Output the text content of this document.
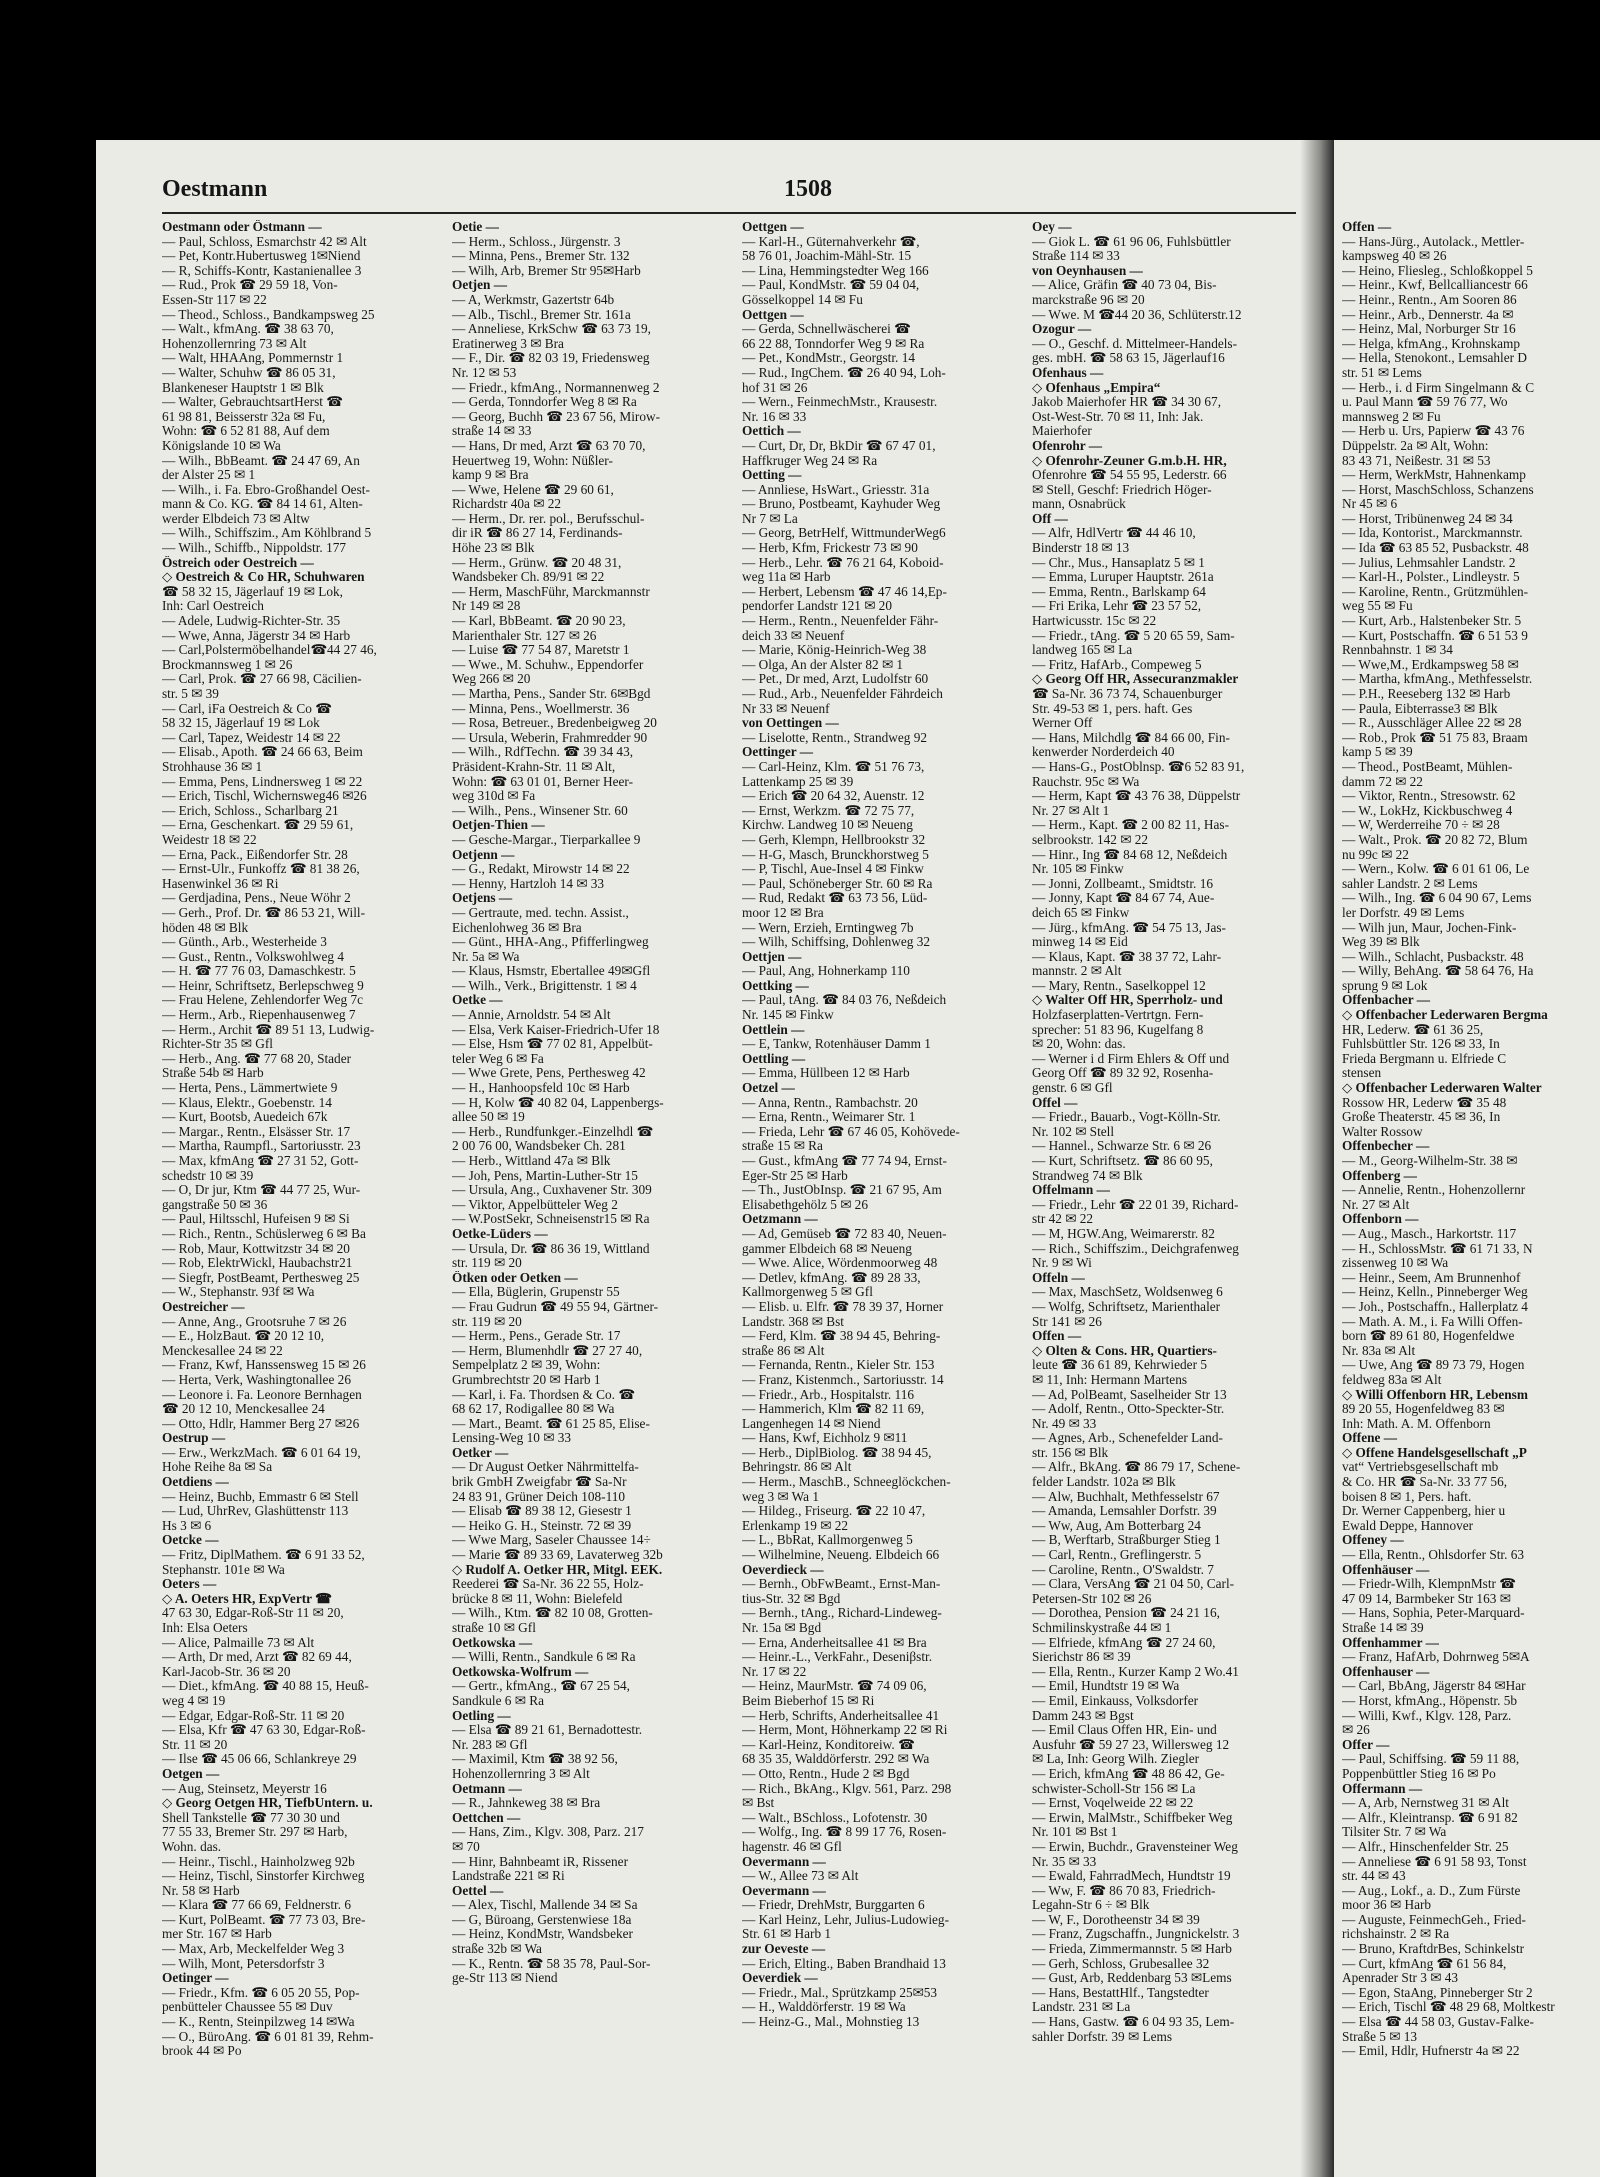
Oestmann	1508
Oestmann oder Östmann —
— Paul, Schloss, Esmarchstr 42 ✉ Alt
— Pet, Kontr.Hubertusweg 1✉Niend
— R, Schiffs-Kontr, Kastanienallee 3
— Rud., Prok ☎ 29 59 18, Von-
Essen-Str 117 ✉ 22
— Theod., Schloss., Bandkampsweg 25
— Walt., kfmAng. ☎ 38 63 70,
Hohenzollernring 73 ✉ Alt
— Walt, HHAAng, Pommernstr 1
— Walter, Schuhw ☎ 86 05 31,
Blankeneser Hauptstr 1 ✉ Blk
— Walter, GebrauchtsartHerst ☎
61 98 81, Beisserstr 32a ✉ Fu,
Wohn: ☎ 6 52 81 88, Auf dem
Königslande 10 ✉ Wa
— Wilh., BbBeamt. ☎ 24 47 69, An
der Alster 25 ✉ 1
— Wilh., i. Fa. Ebro-Großhandel Oest-
mann & Co. KG. ☎ 84 14 61, Alten-
werder Elbdeich 73 ✉ Altw
— Wilh., Schiffszim., Am Köhlbrand 5
— Wilh., Schiffb., Nippoldstr. 177
Östreich oder Oestreich —
◇ Oestreich & Co HR, Schuhwaren
☎ 58 32 15, Jägerlauf 19 ✉ Lok,
Inh: Carl Oestreich
— Adele, Ludwig-Richter-Str. 35
— Wwe, Anna, Jägerstr 34 ✉ Harb
— Carl,Polstermöbelhandel☎44 27 46,
Brockmannsweg 1 ✉ 26
— Carl, Prok. ☎ 27 66 98, Cäcilien-
str. 5 ✉ 39
— Carl, iFa Oestreich & Co ☎
58 32 15, Jägerlauf 19 ✉ Lok
— Carl, Tapez, Weidestr 14 ✉ 22
— Elisab., Apoth. ☎ 24 66 63, Beim
Strohhause 36 ✉ 1
— Emma, Pens, Lindnersweg 1 ✉ 22
— Erich, Tischl, Wichernsweg46 ✉26
— Erich, Schloss., Scharlbarg 21
— Erna, Geschenkart. ☎ 29 59 61,
Weidestr 18 ✉ 22
— Erna, Pack., Eißendorfer Str. 28
— Ernst-Ulr., Funkoffz ☎ 81 38 26,
Hasenwinkel 36 ✉ Ri
— Gerdjadina, Pens., Neue Wöhr 2
— Gerh., Prof. Dr. ☎ 86 53 21, Will-
höden 48 ✉ Blk
— Günth., Arb., Westerheide 3
— Gust., Rentn., Volkswohlweg 4
— H. ☎ 77 76 03, Damaschkestr. 5
— Heinr, Schriftsetz, Berlepschweg 9
— Frau Helene, Zehlendorfer Weg 7c
— Herm., Arb., Riepenhausenweg 7
— Herm., Archit ☎ 89 51 13, Ludwig-
Richter-Str 35 ✉ Gfl
— Herb., Ang. ☎ 77 68 20, Stader
Straße 54b ✉ Harb
— Herta, Pens., Lämmertwiete 9
— Klaus, Elektr., Goebenstr. 14
— Kurt, Bootsb, Auedeich 67k
— Margar., Rentn., Elsässer Str. 17
— Martha, Raumpfl., Sartoriusstr. 23
— Max, kfmAng ☎ 27 31 52, Gott-
schedstr 10 ✉ 39
— O, Dr jur, Ktm ☎ 44 77 25, Wur-
gangstraße 50 ✉ 36
— Paul, Hiltsschl, Hufeisen 9 ✉ Si
— Rich., Rentn., Schüslerweg 6 ✉ Ba
— Rob, Maur, Kottwitzstr 34 ✉ 20
— Rob, ElektrWickl, Haubachstr21
— Siegfr, PostBeamt, Perthesweg 25
— W., Stephanstr. 93f ✉ Wa
Oestreicher —
— Anne, Ang., Grootsruhe 7 ✉ 26
— E., HolzBaut. ☎ 20 12 10,
Menckesallee 24 ✉ 22
— Franz, Kwf, Hanssensweg 15 ✉ 26
— Herta, Verk, Washingtonallee 26
— Leonore i. Fa. Leonore Bernhagen
☎ 20 12 10, Menckesallee 24
— Otto, Hdlr, Hammer Berg 27 ✉26
Oestrup —
— Erw., WerkzMach. ☎ 6 01 64 19,
Hohe Reihe 8a ✉ Sa
Oetdiens —
— Heinz, Buchb, Emmastr 6 ✉ Stell
— Lud, UhrRev, Glashüttenstr 113
Hs 3 ✉ 6
Oetcke —
— Fritz, DiplMathem. ☎ 6 91 33 52,
Stephanstr. 101e ✉ Wa
Oeters —
◇ A. Oeters HR, ExpVertr ☎
47 63 30, Edgar-Roß-Str 11 ✉ 20,
Inh: Elsa Oeters
— Alice, Palmaille 73 ✉ Alt
— Arth, Dr med, Arzt ☎ 82 69 44,
Karl-Jacob-Str. 36 ✉ 20
— Diet., kfmAng. ☎ 40 88 15, Heuß-
weg 4 ✉ 19
— Edgar, Edgar-Roß-Str. 11 ✉ 20
— Elsa, Kfr ☎ 47 63 30, Edgar-Roß-
Str. 11 ✉ 20
— Ilse ☎ 45 06 66, Schlankreye 29
Oetgen —
— Aug, Steinsetz, Meyerstr 16
◇ Georg Oetgen HR, TiefbUntern. u.
Shell Tankstelle ☎ 77 30 30 und
77 55 33, Bremer Str. 297 ✉ Harb,
Wohn. das.
— Heinr., Tischl., Hainholzweg 92b
— Heinz, Tischl, Sinstorfer Kirchweg
Nr. 58 ✉ Harb
— Klara ☎ 77 66 69, Feldnerstr. 6
— Kurt, PolBeamt. ☎ 77 73 03, Bre-
mer Str. 167 ✉ Harb
— Max, Arb, Meckelfelder Weg 3
— Wilh, Mont, Petersdorfstr 3
Oetinger —
— Friedr., Kfm. ☎ 6 05 20 55, Pop-
penbütteler Chaussee 55 ✉ Duv
— K., Rentn, Steinpilzweg 14 ✉Wa
— O., BüroAng. ☎ 6 01 81 39, Rehm-
brook 44 ✉ Po
Oetie —
— Herm., Schloss., Jürgenstr. 3
— Minna, Pens., Bremer Str. 132
— Wilh, Arb, Bremer Str 95✉Harb
Oetjen —
— A, Werkmstr, Gazertstr 64b
— Alb., Tischl., Bremer Str. 161a
— Anneliese, KrkSchw ☎ 63 73 19,
Eratinerweg 3 ✉ Bra
— F., Dir. ☎ 82 03 19, Friedensweg
Nr. 12 ✉ 53
— Friedr., kfmAng., Normannenweg 2
— Gerda, Tonndorfer Weg 8 ✉ Ra
— Georg, Buchh ☎ 23 67 56, Mirow-
straße 14 ✉ 33
— Hans, Dr med, Arzt ☎ 63 70 70,
Heuertweg 19, Wohn: Nüßler-
kamp 9 ✉ Bra
— Wwe, Helene ☎ 29 60 61,
Richardstr 40a ✉ 22
— Herm., Dr. rer. pol., Berufsschul-
dir iR ☎ 86 27 14, Ferdinands-
Höhe 23 ✉ Blk
— Herm., Grünw. ☎ 20 48 31,
Wandsbeker Ch. 89/91 ✉ 22
— Herm, MaschFühr, Marckmannstr
Nr 149 ✉ 28
— Karl, BbBeamt. ☎ 20 90 23,
Marienthaler Str. 127 ✉ 26
— Luise ☎ 77 54 87, Maretstr 1
— Wwe., M. Schuhw., Eppendorfer
Weg 266 ✉ 20
— Martha, Pens., Sander Str. 6✉Bgd
— Minna, Pens., Woellmerstr. 36
— Rosa, Betreuer., Bredenbeigweg 20
— Ursula, Weberin, Frahmredder 90
— Wilh., RdfTechn. ☎ 39 34 43,
Präsident-Krahn-Str. 11 ✉ Alt,
Wohn: ☎ 63 01 01, Berner Heer-
weg 310d ✉ Fa
— Wilh., Pens., Winsener Str. 60
Oetjen-Thien —
— Gesche-Margar., Tierparkallee 9
Oetjenn —
— G., Redakt, Mirowstr 14 ✉ 22
— Henny, Hartzloh 14 ✉ 33
Oetjens —
— Gertraute, med. techn. Assist.,
Eichenlohweg 36 ✉ Bra
— Günt., HHA-Ang., Pfifferlingweg
Nr. 5a ✉ Wa
— Klaus, Hsmstr, Ebertallee 49✉Gfl
— Wilh., Verk., Brigittenstr. 1 ✉ 4
Oetke —
— Annie, Arnoldstr. 54 ✉ Alt
— Elsa, Verk Kaiser-Friedrich-Ufer 18
— Else, Hsm ☎ 77 02 81, Appelbüt-
teler Weg 6 ✉ Fa
— Wwe Grete, Pens, Perthesweg 42
— H., Hanhoopsfeld 10c ✉ Harb
— H, Kolw ☎ 40 82 04, Lappenbergs-
allee 50 ✉ 19
— Herb., Rundfunkger.-Einzelhdl ☎
2 00 76 00, Wandsbeker Ch. 281
— Herb., Wittland 47a ✉ Blk
— Joh, Pens, Martin-Luther-Str 15
— Ursula, Ang., Cuxhavener Str. 309
— Viktor, Appelbütteler Weg 2
— W.PostSekr, Schneisenstr15 ✉ Ra
Oetke-Lüders —
— Ursula, Dr. ☎ 86 36 19, Wittland
str. 119 ✉ 20
Ötken oder Oetken —
— Ella, Büglerin, Grupenstr 55
— Frau Gudrun ☎ 49 55 94, Gärtner-
str. 119 ✉ 20
— Herm., Pens., Gerade Str. 17
— Herm, Blumenhdlr ☎ 27 27 40,
Sempelplatz 2 ✉ 39, Wohn:
Grumbrechtstr 20 ✉ Harb 1
— Karl, i. Fa. Thordsen & Co. ☎
68 62 17, Rodigallee 80 ✉ Wa
— Mart., Beamt. ☎ 61 25 85, Elise-
Lensing-Weg 10 ✉ 33
Oetker —
— Dr August Oetker Nährmittelfa-
brik GmbH Zweigfabr ☎ Sa-Nr
24 83 91, Grüner Deich 108-110
— Elisab ☎ 89 38 12, Giesestr 1
— Heiko G. H., Steinstr. 72 ✉ 39
— Wwe Marg, Saseler Chaussee 14÷
— Marie ☎ 89 33 69, Lavaterweg 32b
◇ Rudolf A. Oetker HR, Mitgl. EEK.
Reederei ☎ Sa-Nr. 36 22 55, Holz-
brücke 8 ✉ 11, Wohn: Bielefeld
— Wilh., Ktm. ☎ 82 10 08, Grotten-
straße 10 ✉ Gfl
Oetkowska —
— Willi, Rentn., Sandkule 6 ✉ Ra
Oetkowska-Wolfrum —
— Gertr., kfmAng., ☎ 67 25 54,
Sandkule 6 ✉ Ra
Oetling —
— Elsa ☎ 89 21 61, Bernadottestr.
Nr. 283 ✉ Gfl
— Maximil, Ktm ☎ 38 92 56,
Hohenzollernring 3 ✉ Alt
Oetmann —
— R., Jahnkeweg 38 ✉ Bra
Oettchen —
— Hans, Zim., Klgv. 308, Parz. 217
✉ 70
— Hinr, Bahnbeamt iR, Rissener
Landstraße 221 ✉ Ri
Oettel —
— Alex, Tischl, Mallende 34 ✉ Sa
— G, Büroang, Gerstenwiese 18a
— Heinz, KondMstr, Wandsbeker
straße 32b ✉ Wa
— K., Rentn. ☎ 58 35 78, Paul-Sor-
ge-Str 113 ✉ Niend
Oettgen —
— Karl-H., Güternahverkehr ☎,
58 76 01, Joachim-Mähl-Str. 15
— Lina, Hemmingstedter Weg 166
— Paul, KondMstr. ☎ 59 04 04,
Gösselkoppel 14 ✉ Fu
Oettgen —
— Gerda, Schnellwäscherei ☎
66 22 88, Tonndorfer Weg 9 ✉ Ra
— Pet., KondMstr., Georgstr. 14
— Rud., IngChem. ☎ 26 40 94, Loh-
hof 31 ✉ 26
— Wern., FeinmechMstr., Krausestr.
Nr. 16 ✉ 33
Oettich —
— Curt, Dr, Dr, BkDir ☎ 67 47 01,
Haffkruger Weg 24 ✉ Ra
Oetting —
— Annliese, HsWart., Griesstr. 31a
— Bruno, Postbeamt, Kayhuder Weg
Nr 7 ✉ La
— Georg, BetrHelf, WittmunderWeg6
— Herb, Kfm, Frickestr 73 ✉ 90
— Herb., Lehr. ☎ 76 21 64, Koboid-
weg 11a ✉ Harb
— Herbert, Lebensm ☎ 47 46 14,Ep-
pendorfer Landstr 121 ✉ 20
— Herm., Rentn., Neuenfelder Fähr-
deich 33 ✉ Neuenf
— Marie, König-Heinrich-Weg 38
— Olga, An der Alster 82 ✉ 1
— Pet., Dr med, Arzt, Ludolfstr 60
— Rud., Arb., Neuenfelder Fährdeich
Nr 33 ✉ Neuenf
von Oettingen —
— Liselotte, Rentn., Strandweg 92
Oettinger —
— Carl-Heinz, Klm. ☎ 51 76 73,
Lattenkamp 25 ✉ 39
— Erich ☎ 20 64 32, Auenstr. 12
— Ernst, Werkzm. ☎ 72 75 77,
Kirchw. Landweg 10 ✉ Neueng
— Gerh, Klempn, Hellbrookstr 32
— H-G, Masch, Brunckhorstweg 5
— P, Tischl, Aue-Insel 4 ✉ Finkw
— Paul, Schöneberger Str. 60 ✉ Ra
— Rud, Redakt ☎ 63 73 56, Lüd-
moor 12 ✉ Bra
— Wern, Erzieh, Erntingweg 7b
— Wilh, Schiffsing, Dohlenweg 32
Oettjen —
— Paul, Ang, Hohnerkamp 110
Oettking —
— Paul, tAng. ☎ 84 03 76, Neßdeich
Nr. 145 ✉ Finkw
Oettlein —
— E, Tankw, Rotenhäuser Damm 1
Oettling —
— Emma, Hüllbeen 12 ✉ Harb
Oetzel —
— Anna, Rentn., Rambachstr. 20
— Erna, Rentn., Weimarer Str. 1
— Frieda, Lehr ☎ 67 46 05, Kohövede-
straße 15 ✉ Ra
— Gust., kfmAng ☎ 77 74 94, Ernst-
Eger-Str 25 ✉ Harb
— Th., JustObInsp. ☎ 21 67 95, Am
Elisabethgehölz 5 ✉ 26
Oetzmann —
— Ad, Gemüseb ☎ 72 83 40, Neuen-
gammer Elbdeich 68 ✉ Neueng
— Wwe. Alice, Wördenmoorweg 48
— Detlev, kfmAng. ☎ 89 28 33,
Kallmorgenweg 5 ✉ Gfl
— Elisb. u. Elfr. ☎ 78 39 37, Horner
Landstr. 368 ✉ Bst
— Ferd, Klm. ☎ 38 94 45, Behring-
straße 86 ✉ Alt
— Fernanda, Rentn., Kieler Str. 153
— Franz, Kistenmch., Sartoriusstr. 14
— Friedr., Arb., Hospitalstr. 116
— Hammerich, Klm ☎ 82 11 69,
Langenhegen 14 ✉ Niend
— Hans, Kwf, Eichholz 9 ✉11
— Herb., DiplBiolog. ☎ 38 94 45,
Behringstr. 86 ✉ Alt
— Herm., MaschB., Schneeglöckchen-
weg 3 ✉ Wa 1
— Hildeg., Friseurg. ☎ 22 10 47,
Erlenkamp 19 ✉ 22
— L., BbRat, Kallmorgenweg 5
— Wilhelmine, Neueng. Elbdeich 66
Oeverdieck —
— Bernh., ObFwBeamt., Ernst-Man-
tius-Str. 32 ✉ Bgd
— Bernh., tAng., Richard-Lindeweg-
Nr. 15a ✉ Bgd
— Erna, Anderheitsallee 41 ✉ Bra
— Heinr.-L., VerkFahr., Deseniβstr.
Nr. 17 ✉ 22
— Heinz, MaurMstr. ☎ 74 09 06,
Beim Bieberhof 15 ✉ Ri
— Herb, Schrifts, Anderheitsallee 41
— Herm, Mont, Höhnerkamp 22 ✉ Ri
— Karl-Heinz, Konditoreiw. ☎
68 35 35, Walddörferstr. 292 ✉ Wa
— Otto, Rentn., Hude 2 ✉ Bgd
— Rich., BkAng., Klgv. 561, Parz. 298
✉ Bst
— Walt., BSchloss., Lofotenstr. 30
— Wolfg., Ing. ☎ 8 99 17 76, Rosen-
hagenstr. 46 ✉ Gfl
Oevermann —
— W., Allee 73 ✉ Alt
Oevermann —
— Friedr, DrehMstr, Burggarten 6
— Karl Heinz, Lehr, Julius-Ludowieg-
Str. 61 ✉ Harb 1
zur Oeveste —
— Erich, Elting., Baben Brandhaid 13
Oeverdiek —
— Friedr., Mal., Sprützkamp 25✉53
— H., Walddörferstr. 19 ✉ Wa
— Heinz-G., Mal., Mohnstieg 13
Oey —
— Giok L. ☎ 61 96 06, Fuhlsbüttler
Straße 114 ✉ 33
von Oeynhausen —
— Alice, Gräfin ☎ 40 73 04, Bis-
marckstraße 96 ✉ 20
— Wwe. M ☎44 20 36, Schlüterstr.12
Ozogur —
— O., Geschf. d. Mittelmeer-Handels-
ges. mbH. ☎ 58 63 15, Jägerlauf16
Ofenhaus —
◇ Ofenhaus „Empira“
Jakob Maierhofer HR ☎ 34 30 67,
Ost-West-Str. 70 ✉ 11, Inh: Jak.
Maierhofer
Ofenrohr —
◇ Ofenrohr-Zeuner G.m.b.H. HR,
Ofenrohre ☎ 54 55 95, Lederstr. 66
✉ Stell, Geschf: Friedrich Höger-
mann, Osnabrück
Off —
— Alfr, HdlVertr ☎ 44 46 10,
Binderstr 18 ✉ 13
— Chr., Mus., Hansaplatz 5 ✉ 1
— Emma, Luruper Hauptstr. 261a
— Emma, Rentn., Barlskamp 64
— Fri Erika, Lehr ☎ 23 57 52,
Hartwicusstr. 15c ✉ 22
— Friedr., tAng. ☎ 5 20 65 59, Sam-
landweg 165 ✉ La
— Fritz, HafArb., Compeweg 5
◇ Georg Off HR, Assecuranzmakler
☎ Sa-Nr. 36 73 74, Schauenburger
Str. 49-53 ✉ 1, pers. haft. Ges
Werner Off
— Hans, Milchdlg ☎ 84 66 00, Fin-
kenwerder Norderdeich 40
— Hans-G., PostOblnsp. ☎6 52 83 91,
Rauchstr. 95c ✉ Wa
— Herm, Kapt ☎ 43 76 38, Düppelstr
Nr. 27 ✉ Alt 1
— Herm., Kapt. ☎ 2 00 82 11, Has-
selbrookstr. 142 ✉ 22
— Hinr., Ing ☎ 84 68 12, Neßdeich
Nr. 105 ✉ Finkw
— Jonni, Zollbeamt., Smidtstr. 16
— Jonny, Kapt ☎ 84 67 74, Aue-
deich 65 ✉ Finkw
— Jürg., kfmAng. ☎ 54 75 13, Jas-
minweg 14 ✉ Eid
— Klaus, Kapt. ☎ 38 37 72, Lahr-
mannstr. 2 ✉ Alt
— Mary, Rentn., Saselkoppel 12
◇ Walter Off HR, Sperrholz- und
Holzfaserplatten-Vertrtgn. Fern-
sprecher: 51 83 96, Kugelfang 8
✉ 20, Wohn: das.
— Werner i d Firm Ehlers & Off und
Georg Off ☎ 89 32 92, Rosenha-
genstr. 6 ✉ Gfl
Offel —
— Friedr., Bauarb., Vogt-Kölln-Str.
Nr. 102 ✉ Stell
— Hannel., Schwarze Str. 6 ✉ 26
— Kurt, Schriftsetz. ☎ 86 60 95,
Strandweg 74 ✉ Blk
Offelmann —
— Friedr., Lehr ☎ 22 01 39, Richard-
str 42 ✉ 22
— M, HGW.Ang, Weimarerstr. 82
— Rich., Schiffszim., Deichgrafenweg
Nr. 9 ✉ Wi
Offeln —
— Max, MaschSetz, Woldsenweg 6
— Wolfg, Schriftsetz, Marienthaler
Str 141 ✉ 26
Offen —
◇ Olten & Cons. HR, Quartiers-
leute ☎ 36 61 89, Kehrwieder 5
✉ 11, Inh: Hermann Martens
— Ad, PolBeamt, Saselheider Str 13
— Adolf, Rentn., Otto-Speckter-Str.
Nr. 49 ✉ 33
— Agnes, Arb., Schenefelder Land-
str. 156 ✉ Blk
— Alfr., BkAng. ☎ 86 79 17, Schene-
felder Landstr. 102a ✉ Blk
— Alw, Buchhalt, Methfesselstr 67
— Amanda, Lemsahler Dorfstr. 39
— Ww, Aug, Am Botterbarg 24
— B, Werftarb, Straßburger Stieg 1
— Carl, Rentn., Greflingerstr. 5
— Caroline, Rentn., O'Swaldstr. 7
— Clara, VersAng ☎ 21 04 50, Carl-
Petersen-Str 102 ✉ 26
— Dorothea, Pension ☎ 24 21 16,
Schmilinskystraße 44 ✉ 1
— Elfriede, kfmAng ☎ 27 24 60,
Sierichstr 86 ✉ 39
— Ella, Rentn., Kurzer Kamp 2 Wo.41
— Emil, Hundtstr 19 ✉ Wa
— Emil, Einkauss, Volksdorfer
Damm 243 ✉ Bgst
— Emil Claus Offen HR, Ein- und
Ausfuhr ☎ 59 27 23, Willersweg 12
✉ La, Inh: Georg Wilh. Ziegler
— Erich, kfmAng ☎ 48 86 42, Ge-
schwister-Scholl-Str 156 ✉ La
— Ernst, Voqelweide 22 ✉ 22
— Erwin, MalMstr., Schiffbeker Weg
Nr. 101 ✉ Bst 1
— Erwin, Buchdr., Gravensteiner Weg
Nr. 35 ✉ 33
— Ewald, FahrradMech, Hundtstr 19
— Ww, F. ☎ 86 70 83, Friedrich-
Legahn-Str 6 ÷ ✉ Blk
— W, F., Dorotheenstr 34 ✉ 39
— Franz, Zugschaffn., Jungnickelstr. 3
— Frieda, Zimmermannstr. 5 ✉ Harb
— Gerh, Schloss, Grubesallee 32
— Gust, Arb, Reddenbarg 53 ✉Lems
— Hans, BestattHlf., Tangstedter
Landstr. 231 ✉ La
— Hans, Gastw. ☎ 6 04 93 35, Lem-
sahler Dorfstr. 39 ✉ Lems
Offen —
— Hans-Jürg., Autolack., Mettler-
kampsweg 40 ✉ 26
— Heino, Fliesleg., Schloßkoppel 5
— Heinr., Kwf, Bellcalliancestr 66
— Heinr., Rentn., Am Sooren 86
— Heinr., Arb., Dennerstr. 4a ✉
— Heinz, Mal, Norburger Str 16
— Helga, kfmAng., Krohnskamp
— Hella, Stenokont., Lemsahler D
str. 51 ✉ Lems
— Herb., i. d Firm Singelmann & C
u. Paul Mann ☎ 59 76 77, Wo
mannsweg 2 ✉ Fu
— Herb u. Urs, Papierw ☎ 43 76
Düppelstr. 2a ✉ Alt, Wohn:
83 43 71, Neißestr. 31 ✉ 53
— Herm, WerkMstr, Hahnenkamp
— Horst, MaschSchloss, Schanzens
Nr 45 ✉ 6
— Horst, Tribünenweg 24 ✉ 34
— Ida, Kontorist., Marckmannstr.
— Ida ☎ 63 85 52, Pusbackstr. 48
— Julius, Lehmsahler Landstr. 2
— Karl-H., Polster., Lindleystr. 5
— Karoline, Rentn., Grützmühlen-
weg 55 ✉ Fu
— Kurt, Arb., Halstenbeker Str. 5
— Kurt, Postschaffn. ☎ 6 51 53 9
Rennbahnstr. 1 ✉ 34
— Wwe,M., Erdkampsweg 58 ✉
— Martha, kfmAng., Methfesselstr.
— P.H., Reeseberg 132 ✉ Harb
— Paula, Eibterrasse3 ✉ Blk
— R., Ausschläger Allee 22 ✉ 28
— Rob., Prok ☎ 51 75 83, Braam
kamp 5 ✉ 39
— Theod., PostBeamt, Mühlen-
damm 72 ✉ 22
— Viktor, Rentn., Stresowstr. 62
— W., LokHz, Kickbuschweg 4
— W, Werderreihe 70 ÷ ✉ 28
— Walt., Prok. ☎ 20 82 72, Blum
nu 99c ✉ 22
— Wern., Kolw. ☎ 6 01 61 06, Le
sahler Landstr. 2 ✉ Lems
— Wilh., Ing. ☎ 6 04 90 67, Lems
ler Dorfstr. 49 ✉ Lems
— Wilh jun, Maur, Jochen-Fink-
Weg 39 ✉ Blk
— Wilh., Schlacht, Pusbackstr. 48
— Willy, BehAng. ☎ 58 64 76, Ha
sprung 9 ✉ Lok
Offenbacher —
◇ Offenbacher Lederwaren Bergma
HR, Lederw. ☎ 61 36 25,
Fuhlsbüttler Str. 126 ✉ 33, In
Frieda Bergmann u. Elfriede C
stensen
◇ Offenbacher Lederwaren Walter
Rossow HR, Lederw ☎ 35 48
Große Theaterstr. 45 ✉ 36, In
Walter Rossow
Offenbecher —
— M., Georg-Wilhelm-Str. 38 ✉
Offenberg —
— Annelie, Rentn., Hohenzollernr
Nr. 27 ✉ Alt
Offenborn —
— Aug., Masch., Harkortstr. 117
— H., SchlossMstr. ☎ 61 71 33, N
zissenweg 10 ✉ Wa
— Heinr., Seem, Am Brunnenhof
— Heinz, Kelln., Pinneberger Weg
— Joh., Postschaffn., Hallerplatz 4
— Math. A. M., i. Fa Willi Offen-
born ☎ 89 61 80, Hogenfeldwe
Nr. 83a ✉ Alt
— Uwe, Ang ☎ 89 73 79, Hogen
feldweg 83a ✉ Alt
◇ Willi Offenborn HR, Lebensm
89 20 55, Hogenfeldweg 83 ✉
Inh: Math. A. M. Offenborn
Offene —
◇ Offene Handelsgesellschaft „P
vat“ Vertriebsgesellschaft mb
& Co. HR ☎ Sa-Nr. 33 77 56,
boisen 8 ✉ 1, Pers. haft.
Dr. Werner Cappenberg, hier u
Ewald Deppe, Hannover
Offeney —
— Ella, Rentn., Ohlsdorfer Str. 63
Offenhäuser —
— Friedr-Wilh, KlempnMstr ☎
47 09 14, Barmbeker Str 163 ✉
— Hans, Sophia, Peter-Marquard-
Straße 14 ✉ 39
Offenhammer —
— Franz, HafArb, Dohrnweg 5✉A
Offenhauser —
— Carl, BbAng, Jägerstr 84 ✉Har
— Horst, kfmAng., Höpenstr. 5b
— Willi, Kwf., Klgv. 128, Parz.
✉ 26
Offer —
— Paul, Schiffsing. ☎ 59 11 88,
Poppenbüttler Stieg 16 ✉ Po
Offermann —
— A, Arb, Nernstweg 31 ✉ Alt
— Alfr., Kleintransp. ☎ 6 91 82
Tilsiter Str. 7 ✉ Wa
— Alfr., Hinschenfelder Str. 25
— Anneliese ☎ 6 91 58 93, Tonst
str. 44 ✉ 43
— Aug., Lokf., a. D., Zum Fürste
moor 36 ✉ Harb
— Auguste, FeinmechGeh., Fried-
richshainstr. 2 ✉ Ra
— Bruno, KraftdrBes, Schinkelstr
— Curt, kfmAng ☎ 61 56 84,
Apenrader Str 3 ✉ 43
— Egon, StaAng, Pinneberger Str 2
— Erich, Tischl ☎ 48 29 68, Moltkestr
— Elsa ☎ 44 58 03, Gustav-Falke-
Straße 5 ✉ 13
— Emil, Hdlr, Hufnerstr 4a ✉ 22
